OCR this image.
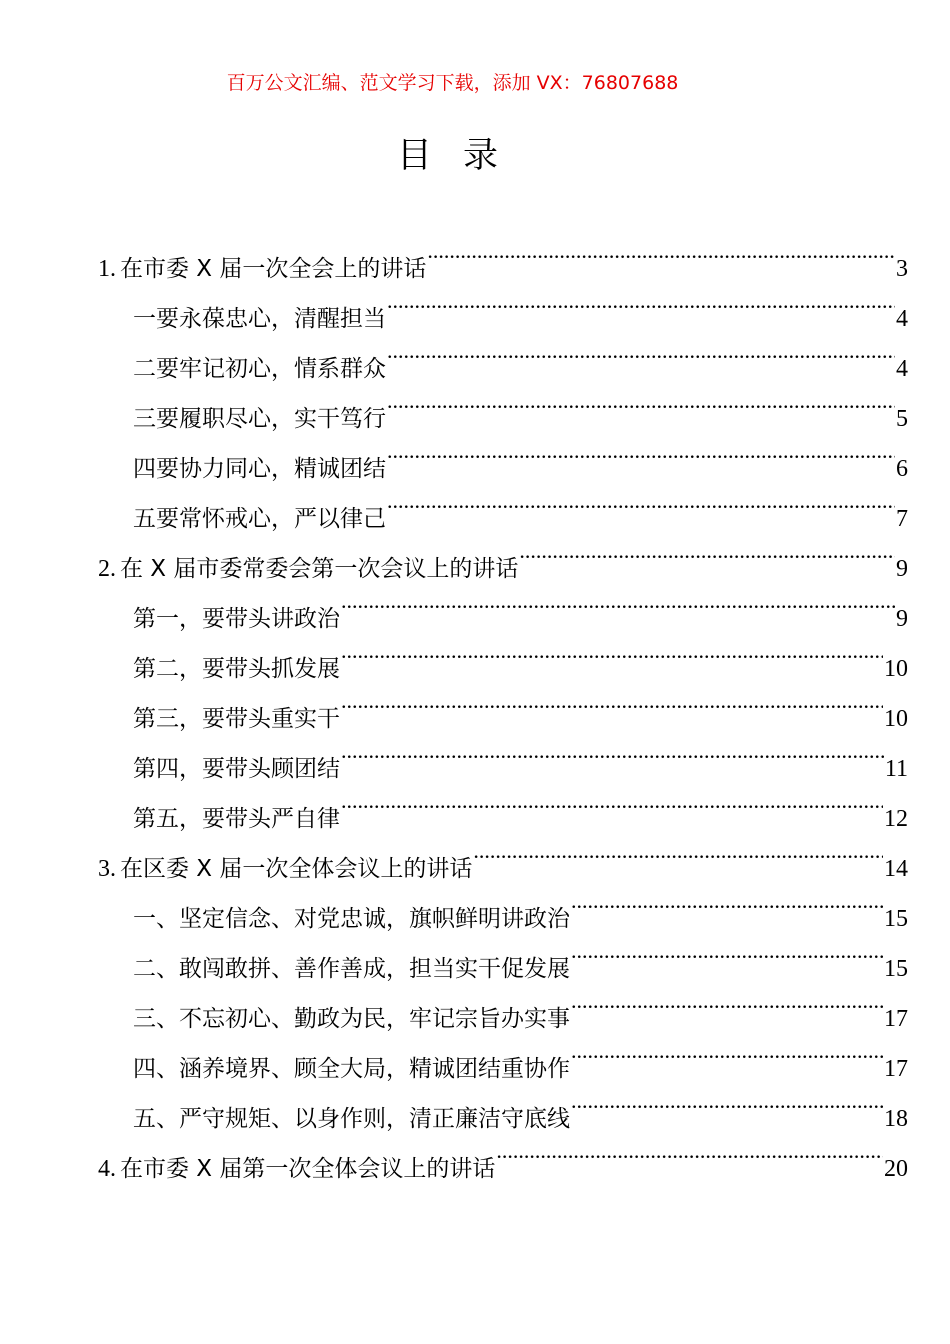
百万公文汇编、范文学习下载，添加 VX：76807688
目 录
1. 在市委 X 届一次全会上的讲话 .....	3
一要永葆忠心，清醒担当 .....	4
二要牢记初心，情系群众 .....	4
三要履职尽心，实干笃行 .....	5
四要协力同心，精诚团结 .....	6
五要常怀戒心，严以律己 .....	7
2. 在 X 届市委常委会第一次会议上的讲话 .....	9
第一，要带头讲政治 .....	9
第二，要带头抓发展 .....	10
第三，要带头重实干 .....	10
第四，要带头顾团结 .....	11
第五，要带头严自律 .....	12
3. 在区委 X 届一次全体会议上的讲话 .....	14
一、坚定信念、对党忠诚，旗帜鲜明讲政治 .....	15
二、敢闯敢拼、善作善成，担当实干促发展 .....	15
三、不忘初心、勤政为民，牢记宗旨办实事 .....	17
四、涵养境界、顾全大局，精诚团结重协作 .....	17
五、严守规矩、以身作则，清正廉洁守底线 .....	18
4. 在市委 X 届第一次全体会议上的讲话 .....	20
